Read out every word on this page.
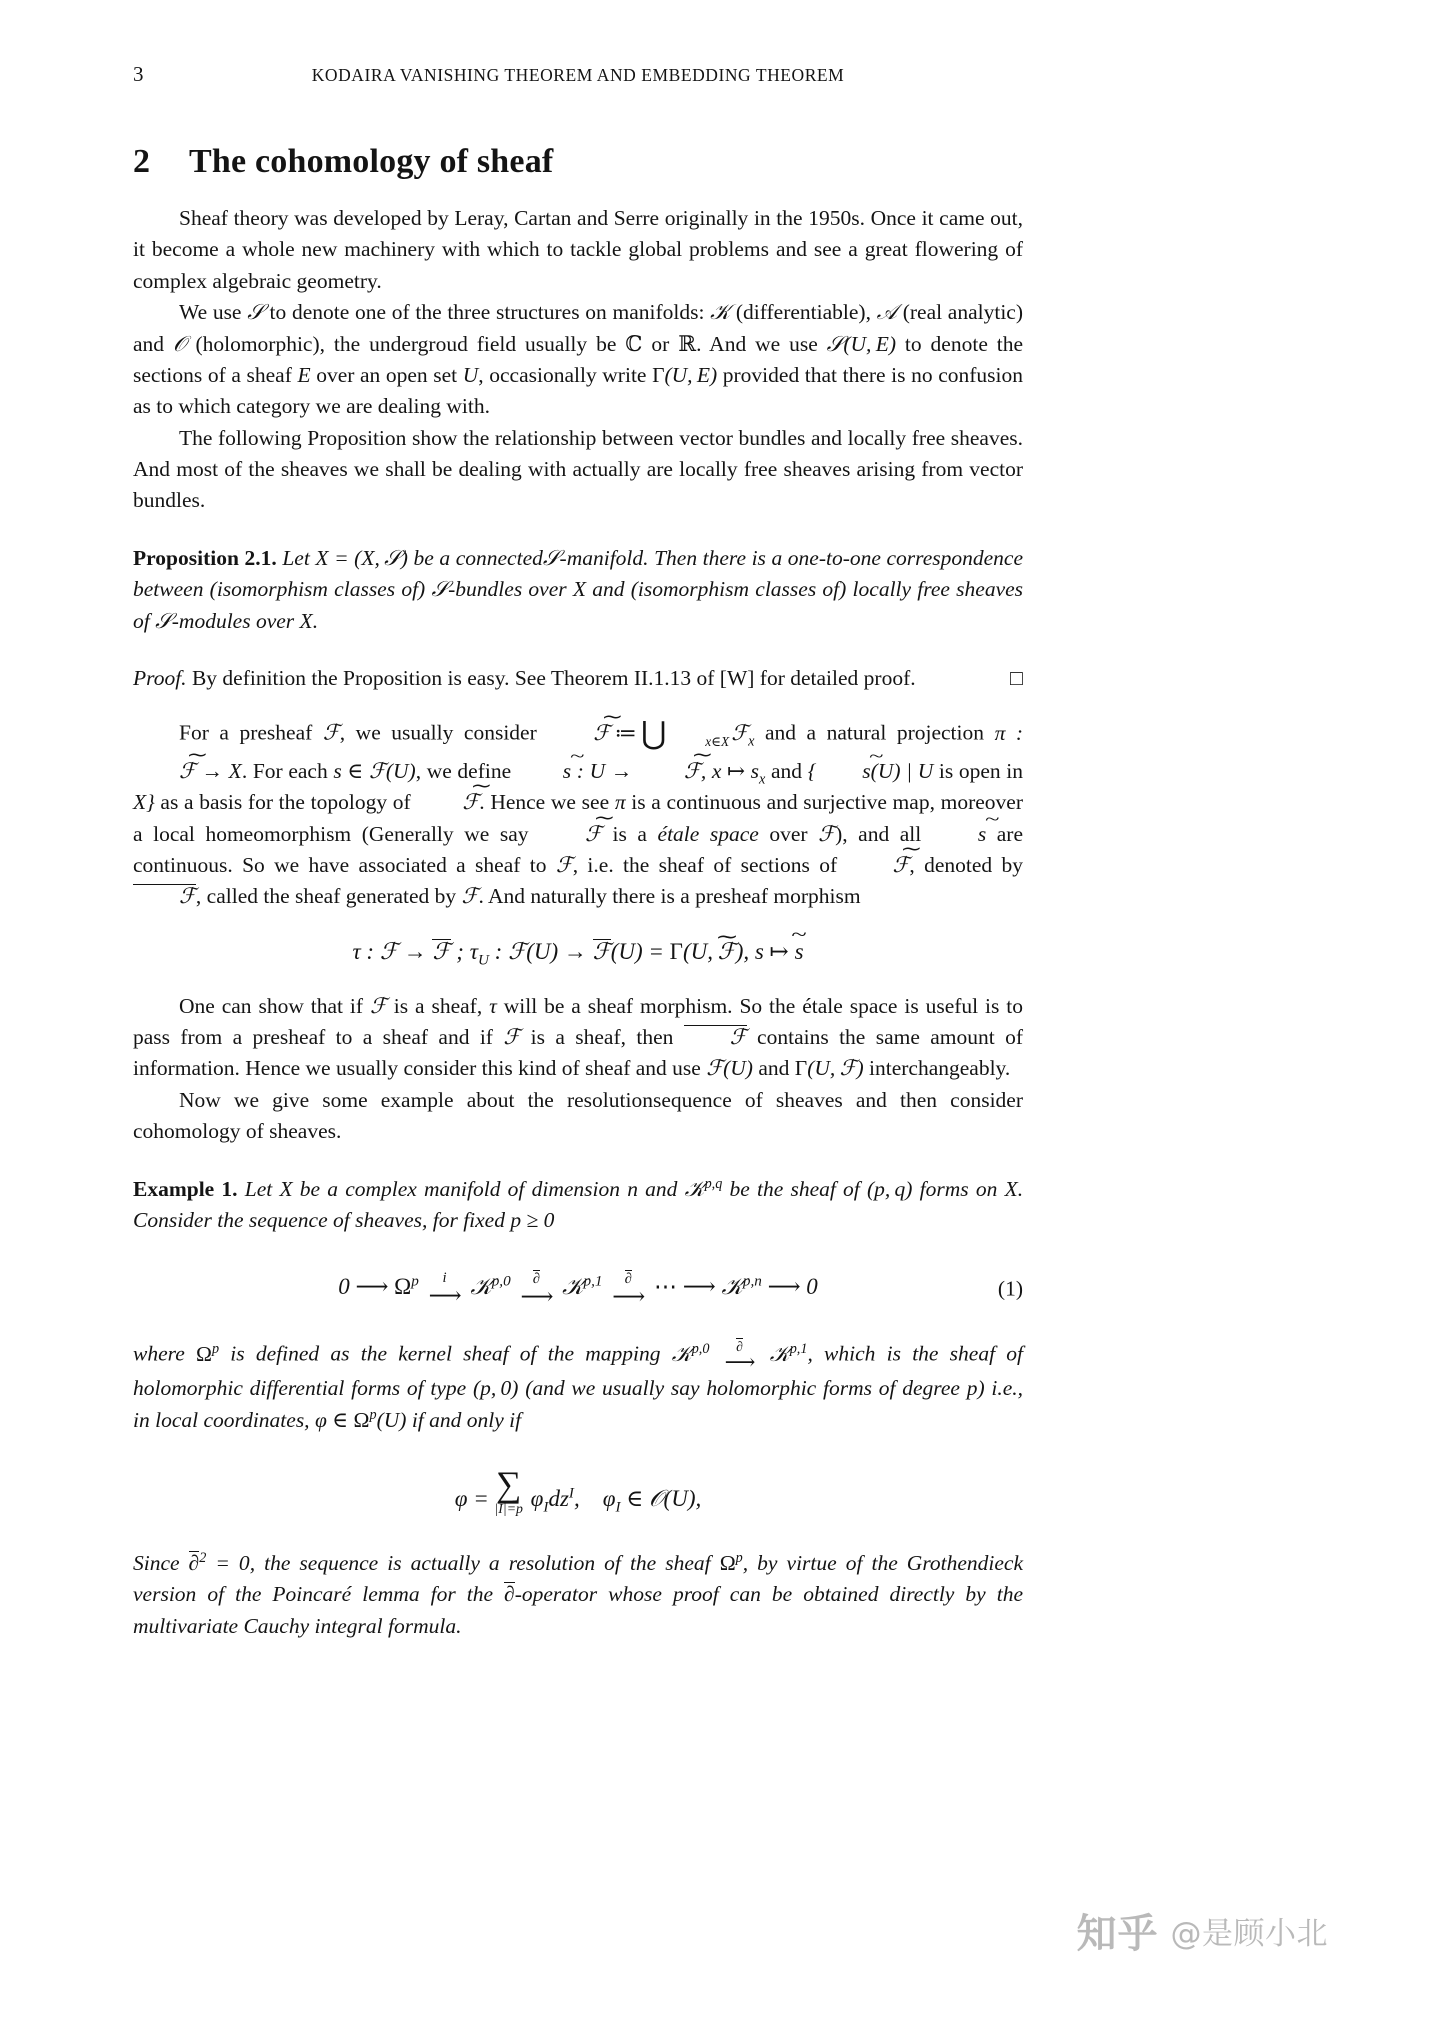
3	KODAIRA VANISHING THEOREM AND EMBEDDING THEOREM
2 The cohomology of sheaf

Sheaf theory was developed by Leray, Cartan and Serre originally in the 1950s. Once it came out, it become a whole new machinery with which to tackle global problems and see a great flowering of complex algebraic geometry.

We use 𝒮 to denote one of the three structures on manifolds: 𝒦 (differentiable), 𝒜 (real analytic) and 𝒪 (holomorphic), the undergroud field usually be ℂ or ℝ. And we use 𝒮(U, E) to denote the sections of a sheaf E over an open set U, occasionally write Γ(U, E) provided that there is no confusion as to which category we are dealing with.

The following Proposition show the relationship between vector bundles and locally free sheaves. And most of the sheaves we shall be dealing with actually are locally free sheaves arising from vector bundles.

Proposition 2.1. Let X = (X, 𝒮) be a connected𝒮-manifold. Then there is a one-to-one correspondence between (isomorphism classes of) 𝒮-bundles over X and (isomorphism classes of) locally free sheaves of 𝒮-modules over X.

Proof. By definition the Proposition is easy. See Theorem II.1.13 of [W] for detailed proof.	□

For a presheaf ℱ, we usually consider	~ ℱ ≔ ⋃	x∈Xℱ$_x$ and a natural projection π : ~ ℱ → X. For each s ∈ ℱ(U), we define ~ s : U → ~ ℱ, x ↦ $s_x$ and { ~ s(U) | U is open in X} as a basis for the topology of ~ ℱ. Hence we see π is a continuous and surjective map, moreover a local homeomorphism (Generally we say	~ ℱ is a étale space over ℱ), and all	~ s are continuous. So we have associated a sheaf to ℱ, i.e. the sheaf of sections of	~ ℱ, denoted by ℱ, called the sheaf generated by ℱ. And naturally there is a presheaf morphism

τ : ℱ → ℱ ; $\tau_U$ : ℱ(U) → ℱ(U) = Γ(U, ~ ℱ), s ↦ ~ s

One can show that if ℱ is a sheaf, τ will be a sheaf morphism. So the étale space is useful is to pass from a presheaf to a sheaf and if ℱ is a sheaf, then	ℱ contains the same amount of information. Hence we usually consider this kind of sheaf and use ℱ(U) and Γ(U, ℱ) interchangeably.

Now we give some example about the resolutionsequence of sheaves and then consider cohomology of sheaves.

Example 1. Let X be a complex manifold of dimension n and 𝒦$^{p,q}$ be the sheaf of (p, q) forms on X. Consider the sequence of sheaves, for fixed p ≥ 0

0 ⟶ $\Omega^p$	i
⟶ 𝒦$^{p,0}$	∂
⟶ 𝒦$^{p,1}$	∂
⟶ ⋯ ⟶ 𝒦$^{p,n}$ ⟶ 0	(1)

where $\Omega^p$ is defined as the kernel sheaf of the mapping 𝒦$^{p,0}$	∂
⟶ 𝒦$^{p,1}$, which is the sheaf of holomorphic differential forms of type (p, 0) (and we usually say holomorphic forms of degree p) i.e., in local coordinates, φ ∈ $\Omega^p(U)$ if and only if

φ = ∑
|I|=p $\varphi_Idz^I$,    $\varphi_I$ ∈ 𝒪(U),

Since ∂$^2$ = 0, the sequence is actually a resolution of the sheaf $\Omega^p$, by virtue of the Grothendieck version of the Poincaré lemma for the ∂-operator whose proof can be obtained directly by the multivariate Cauchy integral formula.

知乎 @是顾小北
